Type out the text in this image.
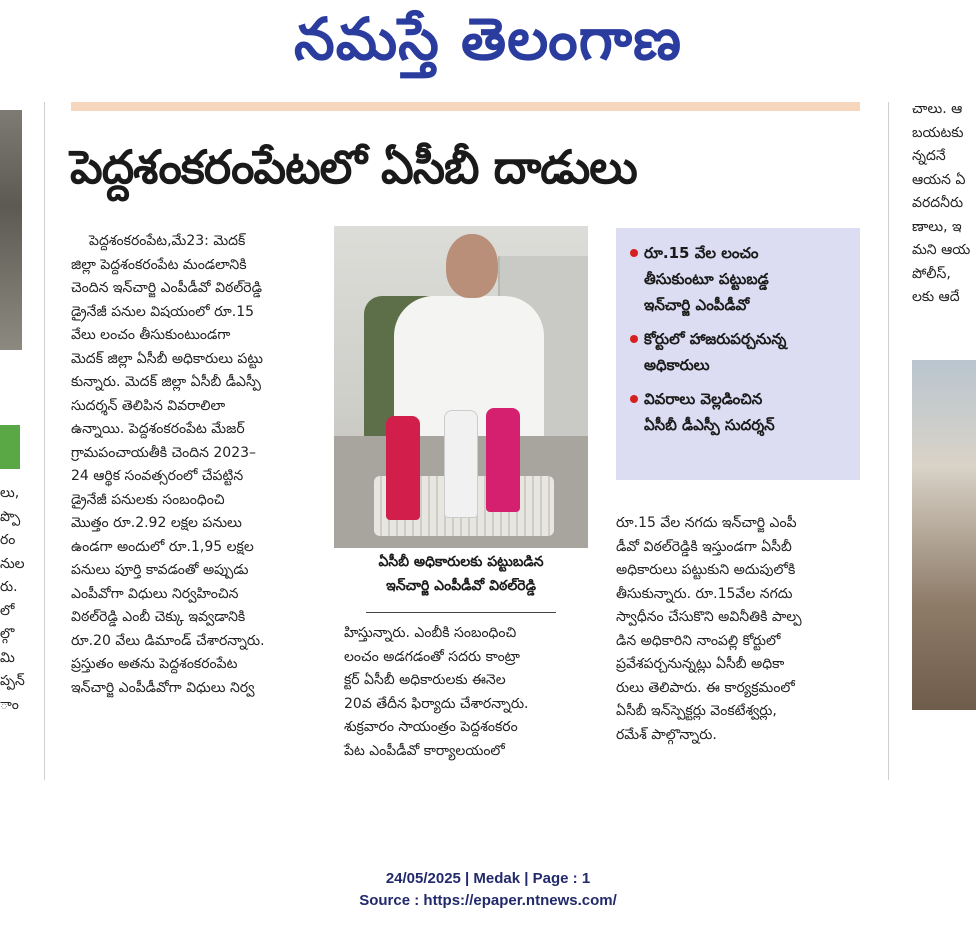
నమస్తే తెలంగాణ
పెద్దశంకరంపేటలో ఏసీబీ దాడులు

పెద్దశంకరంపేట,మే23: మెదక్

జిల్లా పెద్దశంకరంపేట మండలానికి

చెందిన ఇన్‌చార్జి ఎంపీడీవో విఠల్‌రెడ్డి

డ్రైనేజీ పనుల విషయంలో రూ.15

వేలు లంచం తీసుకుంటుండగా

మెదక్ జిల్లా ఏసీబీ అధికారులు పట్టు

కున్నారు. మెదక్ జిల్లా ఏసీబీ డీఎస్పీ

సుదర్శన్ తెలిపిన వివరాలిలా

ఉన్నాయి. పెద్దశంకరంపేట మేజర్

గ్రామపంచాయతీకి చెందిన 2023–

24 ఆర్థిక సంవత్సరంలో చేపట్టిన

డ్రైనేజీ పనులకు సంబంధించి

మొత్తం రూ.2.92 లక్షల పనులు

ఉండగా అందులో రూ.1,95 లక్షల

పనులు పూర్తి కావడంతో అప్పుడు

ఎంపీవోగా విధులు నిర్వహించిన

విఠల్‌రెడ్డి ఎంబీ చెక్కు ఇవ్వడానికి

రూ.20 వేలు డిమాండ్ చేశారన్నారు.

ప్రస్తుతం అతను పెద్దశంకరంపేట

ఇన్‌చార్జి ఎంపీడీవోగా విధులు నిర్వ

ఏసీబీ అధికారులకు పట్టుబడిన

ఇన్‌చార్జి ఎంపీడీవో విఠల్‌రెడ్డి

హిస్తున్నారు. ఎంబీకి సంబంధించి

లంచం అడగడంతో సదరు కాంట్రా

క్టర్ ఏసీబీ అధికారులకు ఈనెల

20వ తేదీన ఫిర్యాదు చేశారన్నారు.

శుక్రవారం సాయంత్రం పెద్దశంకరం

పేట ఎంపీడీవో కార్యాలయంలో

రూ.15 వేల లంచం
తీసుకుంటూ పట్టుబడ్డ
ఇన్‌చార్జి ఎంపీడీవో
కోర్టులో హాజరుపర్చనున్న
అధికారులు
వివరాలు వెల్లడించిన
ఏసీబీ డీఎస్పీ సుదర్శన్

రూ.15 వేల నగదు ఇన్‌చార్జి ఎంపీ

డీవో విఠల్‌రెడ్డికి ఇస్తుండగా ఏసీబీ

అధికారులు పట్టుకుని అదుపులోకి

తీసుకున్నారు. రూ.15వేల నగదు

స్వాధీనం చేసుకొని అవినీతికి పాల్ప

డిన అధికారిని నాంపల్లి కోర్టులో

ప్రవేశపర్చనున్నట్లు ఏసీబీ అధికా

రులు తెలిపారు. ఈ కార్యక్రమంలో

ఏసీబీ ఇన్‌స్పెక్టర్లు వెంకటేశ్వర్లు,

రమేశ్ పాల్గొన్నారు.

లు,
ప్పొ
రం
నుల
రు.
లో
ల్గొ
మి
ప్పన్
ాం
చాలు. ఆ
బయటకు
న్నదనే
ఆయన ఏ
వరదనీరు
ణాలు, ఇ
మని ఆయ
పోలీస్,
లకు ఆదే
24/05/2025 | Medak | Page : 1
Source : https://epaper.ntnews.com/
